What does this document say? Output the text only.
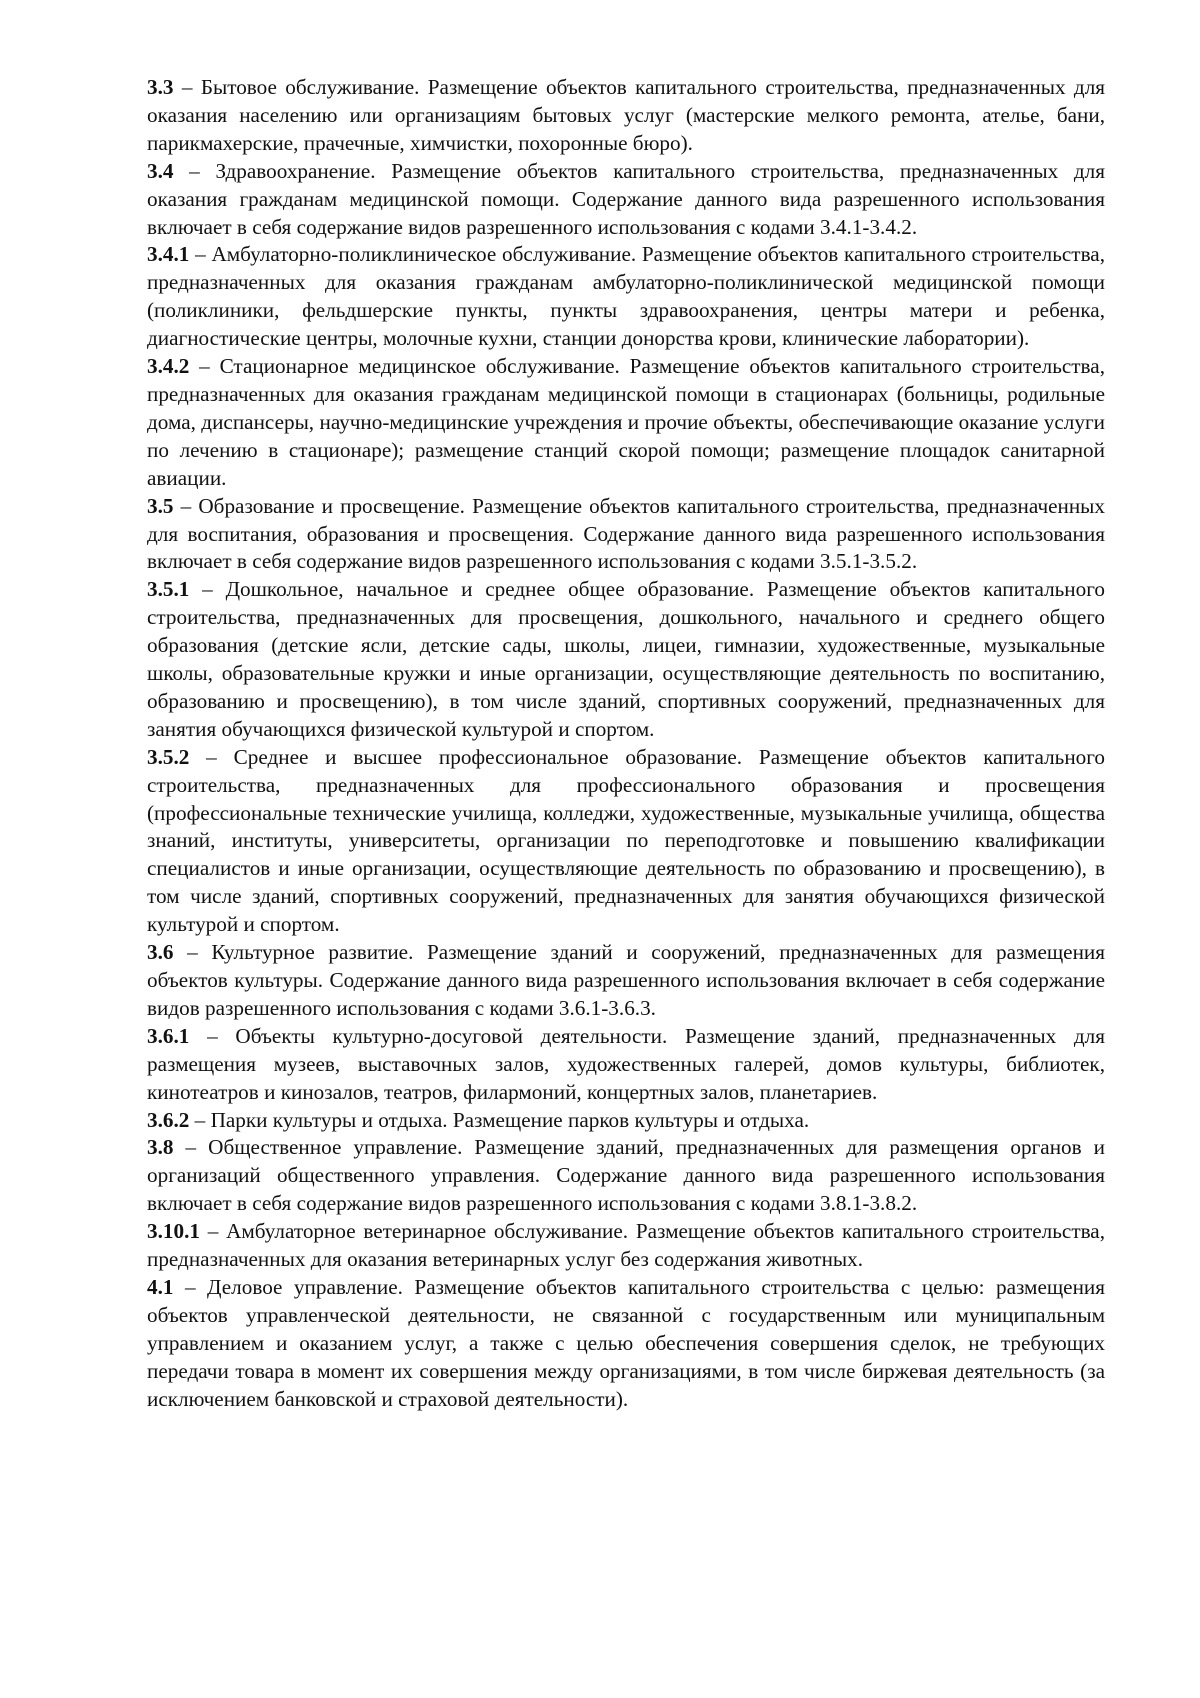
3.3 – Бытовое обслуживание. Размещение объектов капитального строительства, предназначенных для оказания населению или организациям бытовых услуг (мастерские мелкого ремонта, ателье, бани, парикмахерские, прачечные, химчистки, похоронные бюро).

3.4 – Здравоохранение. Размещение объектов капитального строительства, предназначенных для оказания гражданам медицинской помощи. Содержание данного вида разрешенного использования включает в себя содержание видов разрешенного использования с кодами 3.4.1-3.4.2.

3.4.1 – Амбулаторно-поликлиническое обслуживание. Размещение объектов капитального строительства, предназначенных для оказания гражданам амбулаторно-поликлинической медицинской помощи (поликлиники, фельдшерские пункты, пункты здравоохранения, центры матери и ребенка, диагностические центры, молочные кухни, станции донорства крови, клинические лаборатории).

3.4.2 – Стационарное медицинское обслуживание. Размещение объектов капитального строительства, предназначенных для оказания гражданам медицинской помощи в стационарах (больницы, родильные дома, диспансеры, научно-медицинские учреждения и прочие объекты, обеспечивающие оказание услуги по лечению в стационаре); размещение станций скорой помощи; размещение площадок санитарной авиации.

3.5 – Образование и просвещение. Размещение объектов капитального строительства, предназначенных для воспитания, образования и просвещения. Содержание данного вида разрешенного использования включает в себя содержание видов разрешенного использования с кодами 3.5.1-3.5.2.

3.5.1 – Дошкольное, начальное и среднее общее образование. Размещение объектов капитального строительства, предназначенных для просвещения, дошкольного, начального и среднего общего образования (детские ясли, детские сады, школы, лицеи, гимназии, художественные, музыкальные школы, образовательные кружки и иные организации, осуществляющие деятельность по воспитанию, образованию и просвещению), в том числе зданий, спортивных сооружений, предназначенных для занятия обучающихся физической культурой и спортом.

3.5.2 – Среднее и высшее профессиональное образование. Размещение объектов капитального строительства, предназначенных для профессионального образования и просвещения (профессиональные технические училища, колледжи, художественные, музыкальные училища, общества знаний, институты, университеты, организации по переподготовке и повышению квалификации специалистов и иные организации, осуществляющие деятельность по образованию и просвещению), в том числе зданий, спортивных сооружений, предназначенных для занятия обучающихся физической культурой и спортом.

3.6 – Культурное развитие. Размещение зданий и сооружений, предназначенных для размещения объектов культуры. Содержание данного вида разрешенного использования включает в себя содержание видов разрешенного использования с кодами 3.6.1-3.6.3.

3.6.1 – Объекты культурно-досуговой деятельности. Размещение зданий, предназначенных для размещения музеев, выставочных залов, художественных галерей, домов культуры, библиотек, кинотеатров и кинозалов, театров, филармоний, концертных залов, планетариев.

3.6.2 – Парки культуры и отдыха. Размещение парков культуры и отдыха.

3.8 – Общественное управление. Размещение зданий, предназначенных для размещения органов и организаций общественного управления. Содержание данного вида разрешенного использования включает в себя содержание видов разрешенного использования с кодами 3.8.1-3.8.2.

3.10.1 – Амбулаторное ветеринарное обслуживание. Размещение объектов капитального строительства, предназначенных для оказания ветеринарных услуг без содержания животных.

4.1 – Деловое управление. Размещение объектов капитального строительства с целью: размещения объектов управленческой деятельности, не связанной с государственным или муниципальным управлением и оказанием услуг, а также с целью обеспечения совершения сделок, не требующих передачи товара в момент их совершения между организациями, в том числе биржевая деятельность (за исключением банковской и страховой деятельности).
